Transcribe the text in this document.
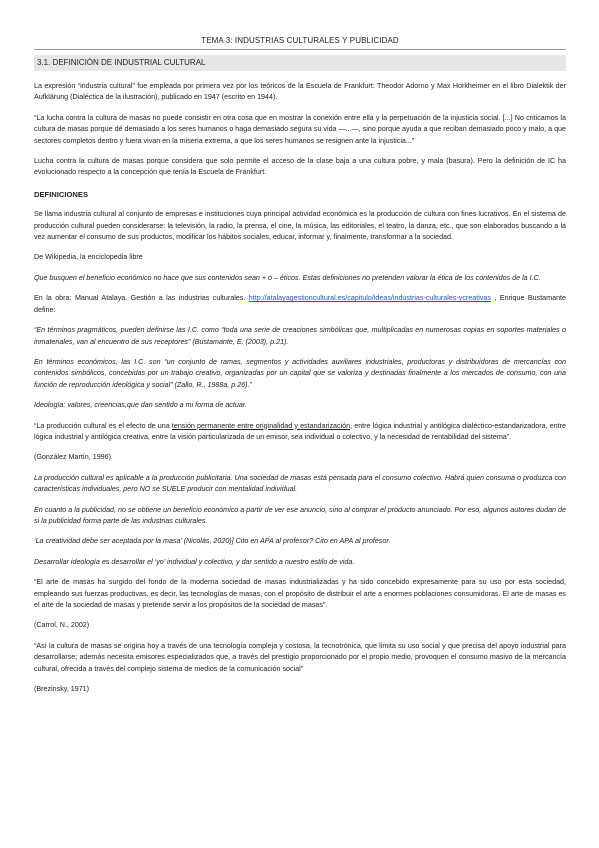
TEMA 3: INDUSTRIAS CULTURALES Y PUBLICIDAD
3.1. DEFINICIÓN DE INDUSTRIAL CULTURAL

La expresión “industria cultural” fue empleada por primera vez por los teóricos de la Escuela de Frankfurt: Theodor Adorno y Max Horkheimer en el libro Dialektik der Aufklärung (Dialéctica de la ilustración), publicado en 1947 (escrito en 1944).

“La lucha contra la cultura de masas no puede consistir en otra cosa que en mostrar la conexión entre ella y la perpetuación de la injusticia social. [...] No criticamos la cultura de masas porque dé demasiado a los seres humanos o haga demasiado segura su vida —...—, sino porque ayuda a que reciban demasiado poco y malo, a que sectores completos dentro y fuera vivan en la miseria extrema, a que los seres humanos se resignen ante la injusticia...”

Lucha contra la cultura de masas porque considera que solo permite el acceso de la clase baja a una cultura pobre, y mala (basura). Pero la definición de IC ha evolucionado respecto a la concepción que tenía la Escuela de Frankfurt.

DEFINICIONES

Se llama industria cultural al conjunto de empresas e instituciones cuya principal actividad económica es la producción de cultura con fines lucrativos. En el sistema de producción cultural pueden considerarse: la televisión, la radio, la prensa, el cine, la música, las editoriales, el teatro, la danza, etc., que son elaborados buscando a la vez aumentar el consumo de sus productos, modificar los hábitos sociales, educar, informar y, finalmente, transformar a la sociedad.

De Wikipedia, la enciclopedia libre

Que busquen el beneficio económico no hace que sus contenidos sean + o – éticos. Estas definiciones no pretenden valorar la ética de los contenidos de la I.C.

En la obra: Manual Atalaya. Gestión a las industrias culturales. http://atalayagestioncultural.es/capitulo/ideas/industrias-culturales-ycreativas , Enrique Bustamante define:

“En términos pragmáticos, pueden definirse las I.C. como “toda una serie de creaciones simbólicas que, multiplicadas en numerosas copias en soportes materiales o inmateriales, van al encuentro de sus receptores” (Bustamante, E. (2003), p.21).

En términos económicos, las I.C. son “un conjunto de ramas, segmentos y actividades auxiliares industriales, productoras y distribuidoras de mercancías con contenidos simbólicos, concebidas por un trabajo creativo, organizadas por un capital que se valoriza y destinadas finalmente a los mercados de consumo, con una función de reproducción ideológica y social” (Zallo, R., 1988a, p.26).”

Ideología: valores, creencias,que dan sentido a mi forma de actuar.

“La producción cultural es el efecto de una tensión permanente entre originalidad y estandarización, entre lógica industrial y antilógica dialéctico-estandarizadora, entre lógica industrial y antilógica creativa, entre la visión particularizada de un emisor, sea individual o colectivo, y la necesidad de rentabilidad del sistema”.

(González Martín, 1996)

La producción cultural es aplicable a la producción publicitaria. Una sociedad de masas está pensada para el consumo colectivo. Habrá quien consuma o produzca con características individuales, pero NO se SUELE producir con mentalidad individual.

En cuanto a la publicidad, no se obtiene un beneficio económico a partir de ver ese anuncio, sino al comprar el producto anunciado. Por eso, algunos autores dudan de si la publicidad forma parte de las industrias culturales.

‘La creatividad debe ser aceptada por la masa’ (Nicolás, 2020)] Cito en APA al profesor? Cito en APA al profesor.

Desarrollar ideología es desarrollar el ‘yo’ individual y colectivo, y dar sentido a nuestro estilo de vida.

“El arte de masas ha surgido del fondo de la moderna sociedad de masas industrializadas y ha sido concebido expresamente para su uso por esta sociedad, empleando sus fuerzas productivas, es decir, las tecnologías de masas, con el propósito de distribuir el arte a enormes poblaciones consumidoras. El arte de masas es el arte de la sociedad de masas y pretende servir a los propósitos de la sociedad de masas”.

(Carrol, N., 2002)

“Así la cultura de masas se origina hoy a través de una tecnología compleja y costosa, la tecnotrónica, que limita su uso social y que precisa del apoyo industrial para desarrollarse; además necesita emisores especializados que, a través del prestigio proporcionado por el propio medio, provoquen el consumo masivo de la mercancía cultural, ofrecida a través del complejo sistema de medios de la comunicación social”

(Brezinsky, 1971)
